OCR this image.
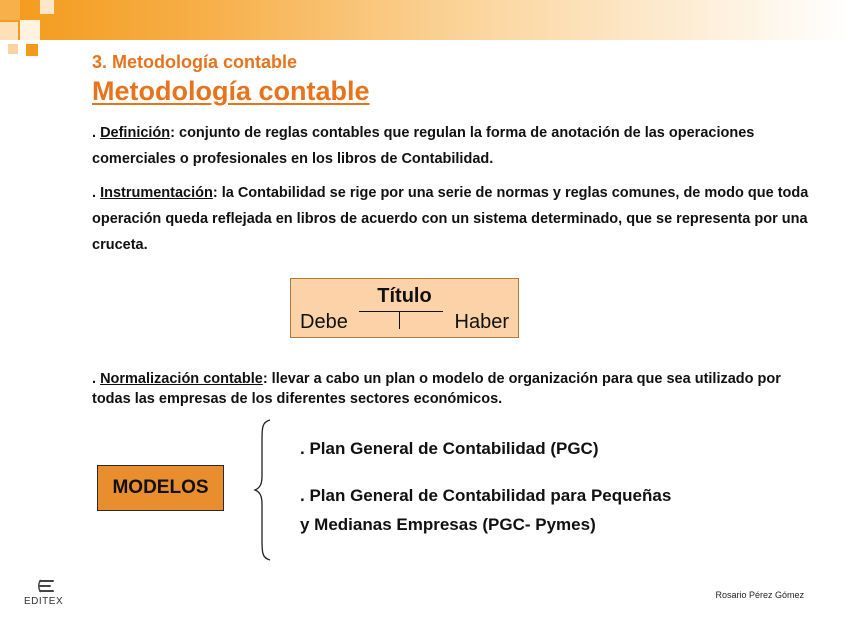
3. Metodología contable
Metodología contable
. Definición: conjunto de reglas contables que regulan la forma de anotación de las operaciones comerciales o profesionales en los libros de Contabilidad.
. Instrumentación: la Contabilidad se rige por una serie de normas y reglas comunes, de modo que toda operación queda reflejada en libros de acuerdo con un sistema determinado, que se representa por una cruceta.
Título
Debe	Haber
. Normalización contable: llevar a cabo un plan o modelo de organización para que sea utilizado por todas las empresas de los diferentes sectores económicos.
MODELOS
. Plan General de Contabilidad (PGC)
. Plan General de Contabilidad para Pequeñas
y Medianas Empresas (PGC- Pymes)
EDITEX
Rosario Pérez Gómez
